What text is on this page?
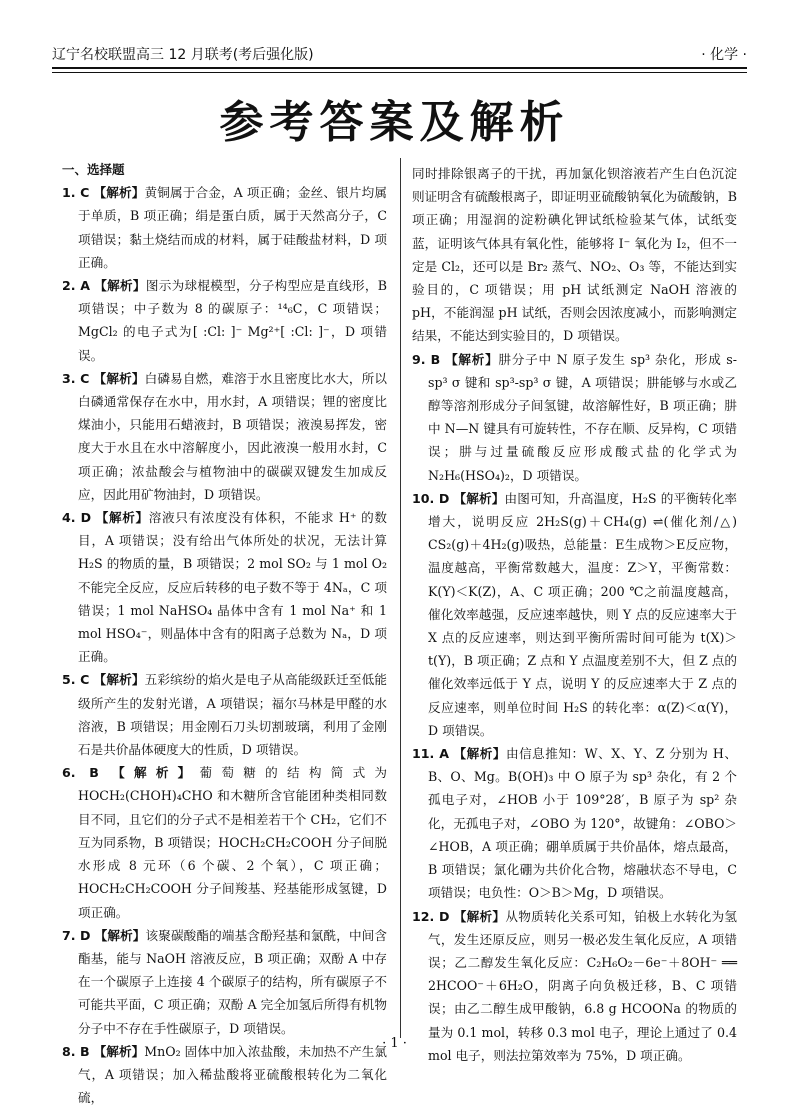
辽宁名校联盟高三 12 月联考(考后强化版)	· 化学 ·
参考答案及解析
一、选择题

1. C 【解析】黄铜属于合金，A 项正确；金丝、银片均属于单质，B 项正确；绢是蛋白质，属于天然高分子，C 项错误；黏土烧结而成的材料，属于硅酸盐材料，D 项正确。

2. A 【解析】图示为球棍模型，分子构型应是直线形，B 项错误；中子数为 8 的碳原子：¹⁴₆C，C 项错误；MgCl₂ 的电子式为[ :Cl: ]⁻ Mg²⁺[ :Cl: ]⁻，D 项错误。

3. C 【解析】白磷易自燃，难溶于水且密度比水大，所以白磷通常保存在水中，用水封，A 项错误；锂的密度比煤油小，只能用石蜡液封，B 项错误；液溴易挥发，密度大于水且在水中溶解度小，因此液溴一般用水封，C 项正确；浓盐酸会与植物油中的碳碳双键发生加成反应，因此用矿物油封，D 项错误。

4. D 【解析】溶液只有浓度没有体积，不能求 H⁺ 的数目，A 项错误；没有给出气体所处的状况，无法计算 H₂S 的物质的量，B 项错误；2 mol SO₂ 与 1 mol O₂ 不能完全反应，反应后转移的电子数不等于 4Nₐ，C 项错误；1 mol NaHSO₄ 晶体中含有 1 mol Na⁺ 和 1 mol HSO₄⁻，则晶体中含有的阳离子总数为 Nₐ，D 项正确。

5. C 【解析】五彩缤纷的焰火是电子从高能级跃迁至低能级所产生的发射光谱，A 项错误；福尔马林是甲醛的水溶液，B 项错误；用金刚石刀头切割玻璃，利用了金刚石是共价晶体硬度大的性质，D 项错误。

6. B 【解析】葡萄糖的结构简式为 HOCH₂(CHOH)₄CHO 和木糖所含官能团种类相同数目不同，且它们的分子式不是相差若干个 CH₂，它们不互为同系物，B 项错误；HOCH₂CH₂COOH 分子间脱水形成 8 元环（6 个碳、2 个氧），C 项正确；HOCH₂CH₂COOH 分子间羧基、羟基能形成氢键，D 项正确。

7. D 【解析】该聚碳酸酯的端基含酚羟基和氯酰，中间含酯基，能与 NaOH 溶液反应，B 项正确；双酚 A 中存在一个碳原子上连接 4 个碳原子的结构，所有碳原子不可能共平面，C 项正确；双酚 A 完全加氢后所得有机物分子中不存在手性碳原子，D 项错误。

8. B 【解析】MnO₂ 固体中加入浓盐酸，未加热不产生氯气，A 项错误；加入稀盐酸将亚硫酸根转化为二氧化硫，

同时排除银离子的干扰，再加氯化钡溶液若产生白色沉淀则证明含有硫酸根离子，即证明亚硫酸钠氧化为硫酸钠，B 项正确；用湿润的淀粉碘化钾试纸检验某气体，试纸变蓝，证明该气体具有氧化性，能够将 I⁻ 氧化为 I₂，但不一定是 Cl₂，还可以是 Br₂ 蒸气、NO₂、O₃ 等，不能达到实验目的，C 项错误；用 pH 试纸测定 NaOH 溶液的 pH，不能润湿 pH 试纸，否则会因浓度减小，而影响测定结果，不能达到实验目的，D 项错误。

9. B 【解析】肼分子中 N 原子发生 sp³ 杂化，形成 s-sp³ σ 键和 sp³-sp³ σ 键，A 项错误；肼能够与水或乙醇等溶剂形成分子间氢键，故溶解性好，B 项正确；肼中 N—N 键具有可旋转性，不存在顺、反异构，C 项错误；肼与过量硫酸反应形成酸式盐的化学式为 N₂H₆(HSO₄)₂，D 项错误。

10. D 【解析】由图可知，升高温度，H₂S 的平衡转化率增大，说明反应 2H₂S(g)＋CH₄(g) ⇌(催化剂/△) CS₂(g)＋4H₂(g)吸热，总能量：E生成物＞E反应物，温度越高，平衡常数越大，温度：Z＞Y，平衡常数：K(Y)＜K(Z)，A、C 项正确；200 ℃之前温度越高，催化效率越强，反应速率越快，则 Y 点的反应速率大于 X 点的反应速率，则达到平衡所需时间可能为 t(X)＞t(Y)，B 项正确；Z 点和 Y 点温度差别不大，但 Z 点的催化效率远低于 Y 点，说明 Y 的反应速率大于 Z 点的反应速率，则单位时间 H₂S 的转化率：α(Z)＜α(Y)，D 项错误。

11. A 【解析】由信息推知：W、X、Y、Z 分别为 H、B、O、Mg。B(OH)₃ 中 O 原子为 sp³ 杂化，有 2 个孤电子对，∠HOB 小于 109°28′，B 原子为 sp² 杂化，无孤电子对，∠OBO 为 120°，故键角：∠OBO＞∠HOB，A 项正确；硼单质属于共价晶体，熔点最高，B 项错误；氯化硼为共价化合物，熔融状态不导电，C 项错误；电负性：O＞B＞Mg，D 项错误。

12. D 【解析】从物质转化关系可知，铂极上水转化为氢气，发生还原反应，则另一极必发生氧化反应，A 项错误；乙二醇发生氧化反应：C₂H₆O₂－6e⁻＋8OH⁻ ══ 2HCOO⁻＋6H₂O，阴离子向负极迁移，B、C 项错误；由乙二醇生成甲酸钠，6.8 g HCOONa 的物质的量为 0.1 mol，转移 0.3 mol 电子，理论上通过了 0.4 mol 电子，则法拉第效率为 75%，D 项正确。

· 1 ·
